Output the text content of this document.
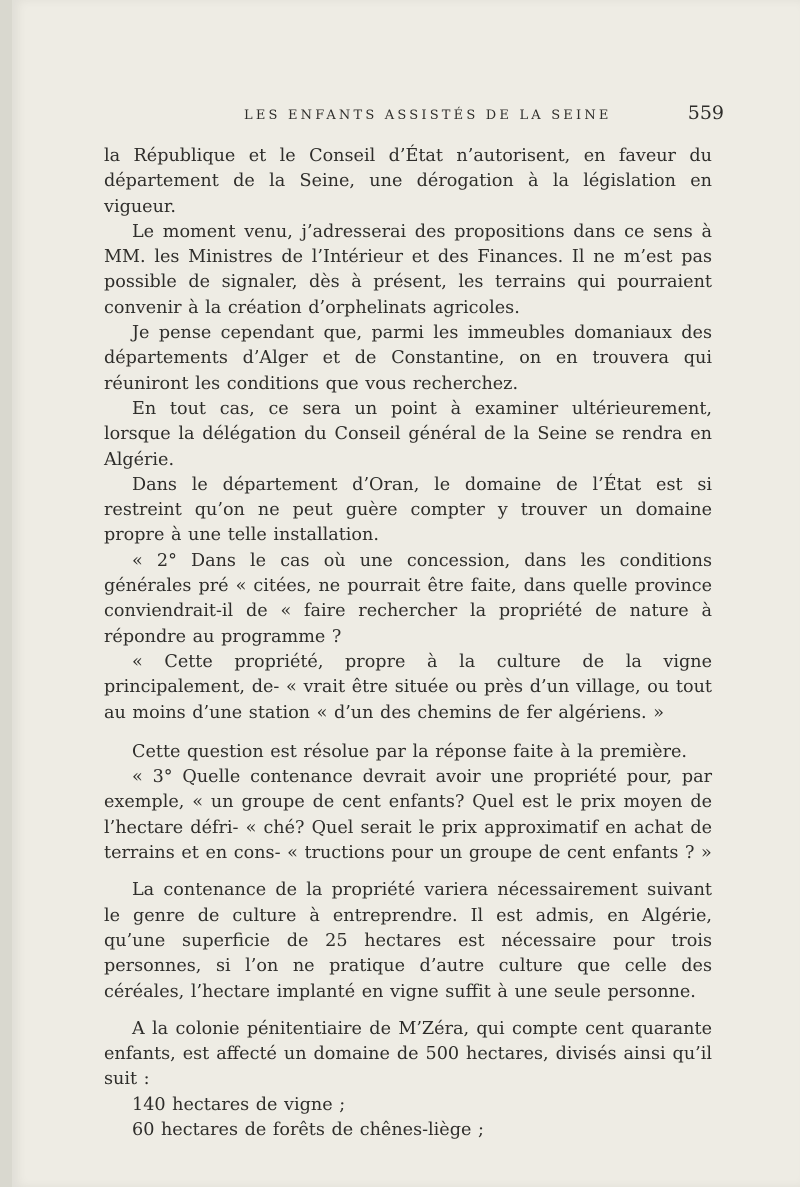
LES ENFANTS ASSISTÉS DE LA SEINE	559

la République et le Conseil d’État n’autorisent, en faveur du département de la Seine, une dérogation à la législation en vigueur.

Le moment venu, j’adresserai des propositions dans ce sens à MM. les Ministres de l’Intérieur et des Finances. Il ne m’est pas possible de signaler, dès à présent, les terrains qui pourraient convenir à la création d’orphelinats agricoles.

Je pense cependant que, parmi les immeubles domaniaux des départements d’Alger et de Constantine, on en trouvera qui réuniront les conditions que vous recherchez.

En tout cas, ce sera un point à examiner ultérieurement, lorsque la délégation du Conseil général de la Seine se rendra en Algérie.

Dans le département d’Oran, le domaine de l’État est si restreint qu’on ne peut guère compter y trouver un domaine propre à une telle installation.

« 2° Dans le cas où une concession, dans les conditions générales pré « citées, ne pourrait être faite, dans quelle province conviendrait-il de « faire rechercher la propriété de nature à répondre au programme ?

« Cette propriété, propre à la culture de la vigne principalement, de- « vrait être située ou près d’un village, ou tout au moins d’une station « d’un des chemins de fer algériens. »

Cette question est résolue par la réponse faite à la première.

« 3° Quelle contenance devrait avoir une propriété pour, par exemple, « un groupe de cent enfants? Quel est le prix moyen de l’hectare défri- « ché? Quel serait le prix approximatif en achat de terrains et en cons- « tructions pour un groupe de cent enfants ? »

La contenance de la propriété variera nécessairement suivant le genre de culture à entreprendre. Il est admis, en Algérie, qu’une superficie de 25 hectares est nécessaire pour trois personnes, si l’on ne pratique d’autre culture que celle des céréales, l’hectare implanté en vigne suffit à une seule personne.

A la colonie pénitentiaire de M’Zéra, qui compte cent quarante enfants, est affecté un domaine de 500 hectares, divisés ainsi qu’il suit :

140 hectares de vigne ;

60 hectares de forêts de chênes-liège ;
